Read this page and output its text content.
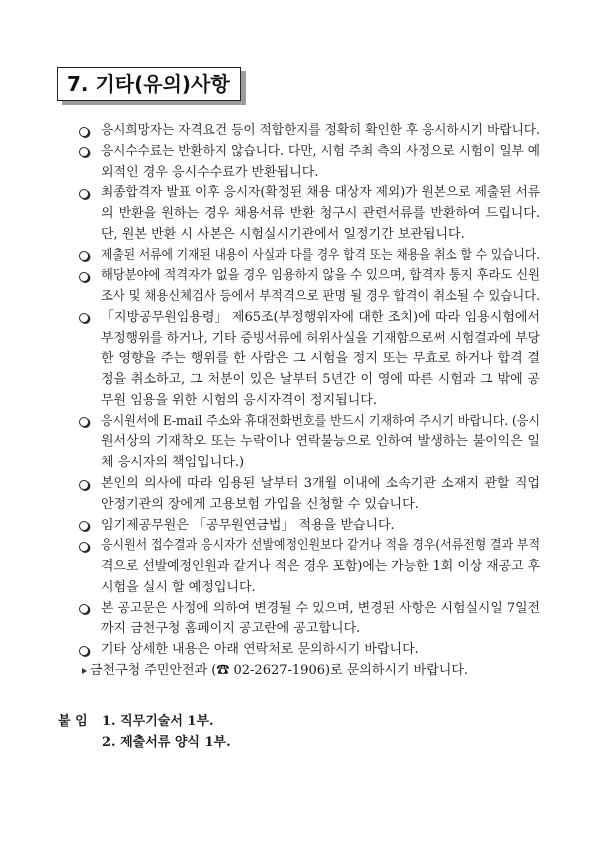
7. 기타(유의)사항
응시희망자는 자격요건 등이 적합한지를 정확히 확인한 후 응시하시기 바랍니다.
응시수수료는 반환하지 않습니다. 다만, 시험 주최 측의 사정으로 시험이 일부 예
외적인 경우 응시수수료가 반환됩니다.
최종합격자 발표 이후 응시자(확정된 채용 대상자 제외)가 원본으로 제출된 서류
의 반환을 원하는 경우 채용서류 반환 청구시 관련서류를 반환하여 드립니다.
단, 원본 반환 시 사본은 시험실시기관에서 일정기간 보관됩니다.
제출된 서류에 기재된 내용이 사실과 다를 경우 합격 또는 채용을 취소 할 수 있습니다.
해당분야에 적격자가 없을 경우 임용하지 않을 수 있으며, 합격자 통지 후라도 신원
조사 및 채용신체검사 등에서 부적격으로 판명 될 경우 합격이 취소될 수 있습니다.
「지방공무원임용령」 제65조(부정행위자에 대한 조치)에 따라 임용시험에서
부정행위를 하거나, 기타 증빙서류에 허위사실을 기재함으로써 시험결과에 부당
한 영향을 주는 행위를 한 사람은 그 시험을 정지 또는 무효로 하거나 합격 결
정을 취소하고, 그 처분이 있은 날부터 5년간 이 영에 따른 시험과 그 밖에 공
무원 임용을 위한 시험의 응시자격이 정지됩니다.
응시원서에 E-mail 주소와 휴대전화번호를 반드시 기재하여 주시기 바랍니다. (응시
원서상의 기재착오 또는 누락이나 연락불능으로 인하여 발생하는 불이익은 일
체 응시자의 책임입니다.)
본인의 의사에 따라 임용된 날부터 3개월 이내에 소속기관 소재지 관할 직업
안정기관의 장에게 고용보험 가입을 신청할 수 있습니다.
임기제공무원은 「공무원연금법」 적용을 받습니다.
응시원서 접수결과 응시자가 선발예정인원보다 같거나 적을 경우(서류전형 결과 부적
격으로 선발예정인원과 같거나 적은 경우 포함)에는 가능한 1회 이상 재공고 후
시험을 실시 할 예정입니다.
본 공고문은 사정에 의하여 변경될 수 있으며, 변경된 사항은 시험실시일 7일전
까지 금천구청 홈페이지 공고란에 공고합니다.
기타 상세한 내용은 아래 연락처로 문의하시기 바랍니다.
금천구청 주민안전과 (☎ 02-2627-1906)로 문의하시기 바랍니다.
붙 임 1. 직무기술서 1부.
2. 제출서류 양식 1부.
